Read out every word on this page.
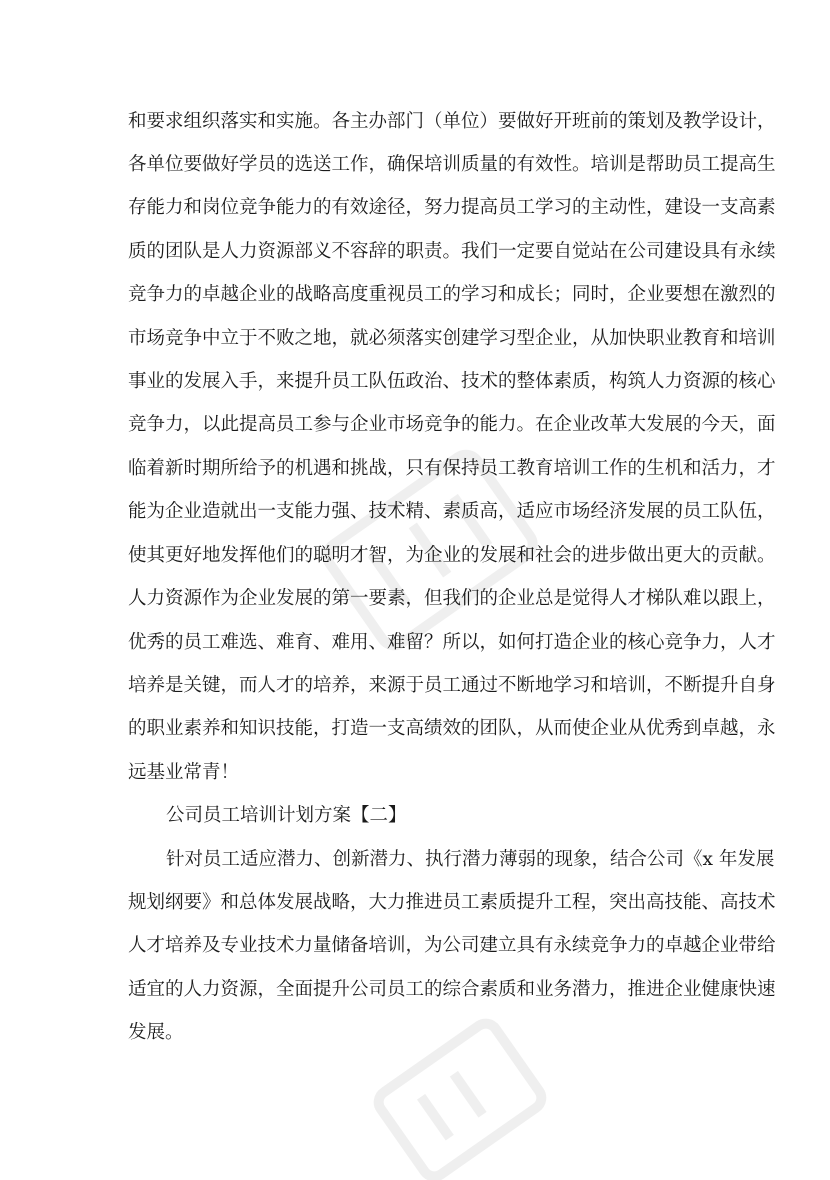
和要求组织落实和实施。各主办部门（单位）要做好开班前的策划及教学设计，
各单位要做好学员的选送工作，确保培训质量的有效性。培训是帮助员工提高生
存能力和岗位竞争能力的有效途径，努力提高员工学习的主动性，建设一支高素
质的团队是人力资源部义不容辞的职责。我们一定要自觉站在公司建设具有永续
竞争力的卓越企业的战略高度重视员工的学习和成长；同时，企业要想在激烈的
市场竞争中立于不败之地，就必须落实创建学习型企业，从加快职业教育和培训
事业的发展入手，来提升员工队伍政治、技术的整体素质，构筑人力资源的核心
竞争力，以此提高员工参与企业市场竞争的能力。在企业改革大发展的今天，面
临着新时期所给予的机遇和挑战，只有保持员工教育培训工作的生机和活力，才
能为企业造就出一支能力强、技术精、素质高，适应市场经济发展的员工队伍，
使其更好地发挥他们的聪明才智，为企业的发展和社会的进步做出更大的贡献。
人力资源作为企业发展的第一要素，但我们的企业总是觉得人才梯队难以跟上，
优秀的员工难选、难育、难用、难留？所以，如何打造企业的核心竞争力，人才
培养是关键，而人才的培养，来源于员工通过不断地学习和培训，不断提升自身
的职业素养和知识技能，打造一支高绩效的团队，从而使企业从优秀到卓越，永
远基业常青！
公司员工培训计划方案【二】
针对员工适应潜力、创新潜力、执行潜力薄弱的现象，结合公司《x 年发展
规划纲要》和总体发展战略，大力推进员工素质提升工程，突出高技能、高技术
人才培养及专业技术力量储备培训，为公司建立具有永续竞争力的卓越企业带给
适宜的人力资源，全面提升公司员工的综合素质和业务潜力，推进企业健康快速
发展。
